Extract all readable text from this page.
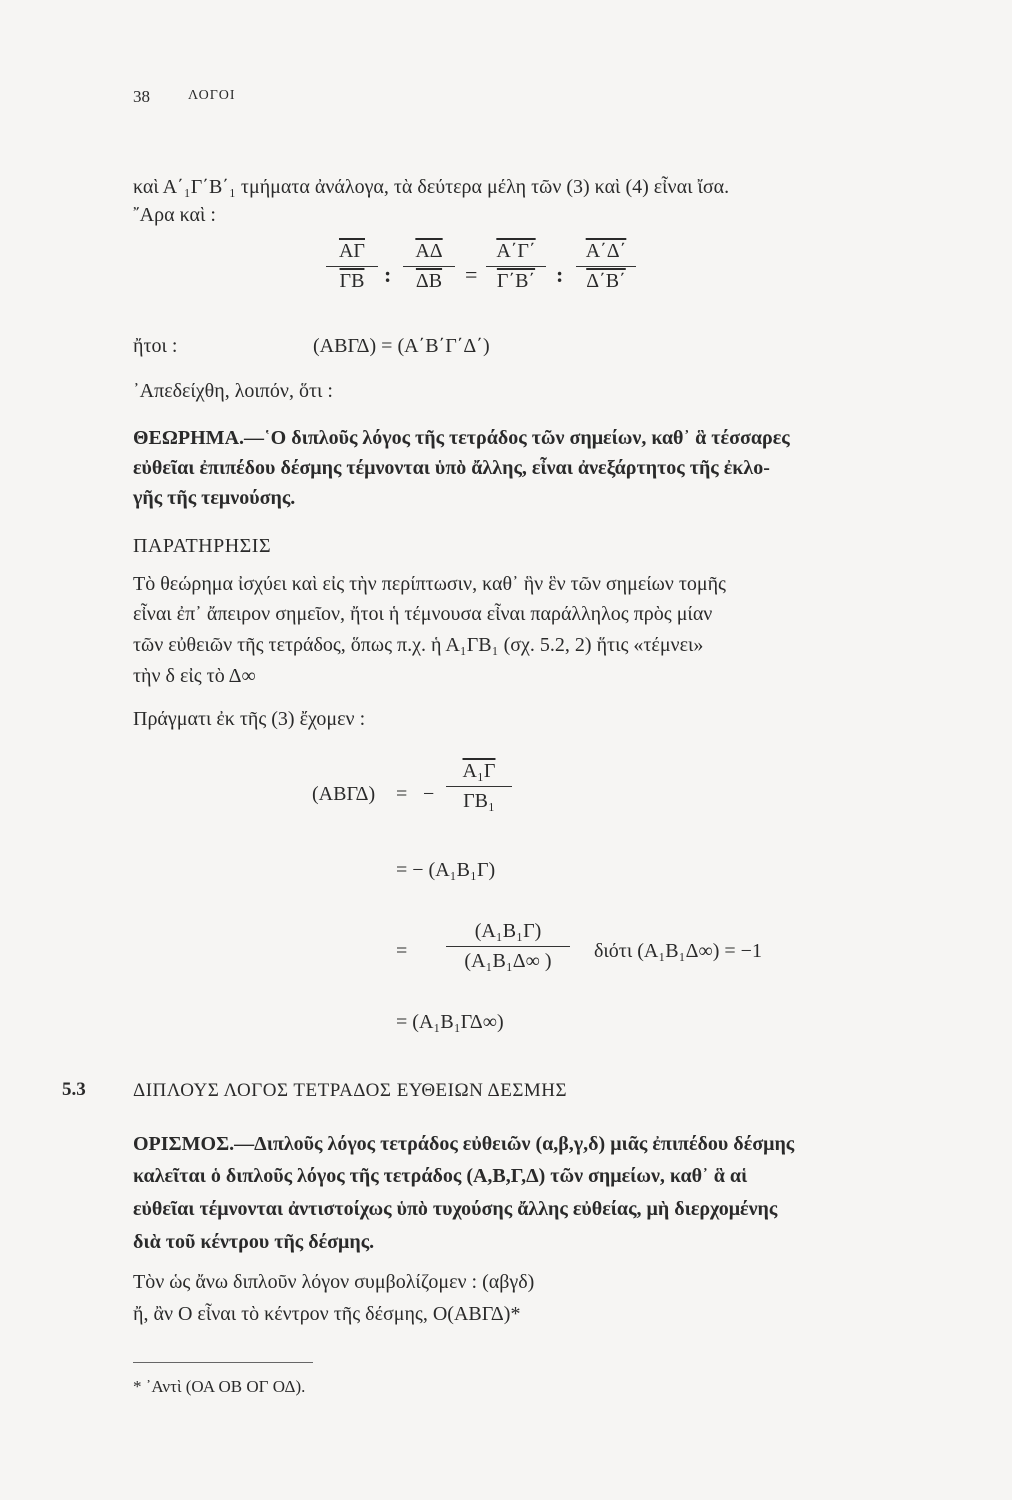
38	ΛΟΓΟΙ
καὶ Α΄₁Γ΄Β΄₁ τμήματα ἀνάλογα, τὰ δεύτερα μέλη τῶν (3) καὶ (4) εἶναι ἴσα.
῎Αρα καὶ :
$\frac{\overline{A\Gamma}}{\Gamma B}$ : $\frac{\overline{A\Delta}}{\Delta B} = \frac{A΄\Gamma΄}{\Gamma΄B΄}$ : $\frac{A΄\Delta΄}{\Delta΄B΄}$
ἤτοι :	(ΑΒΓΔ) = (Α΄Β΄Γ΄Δ΄)
᾿Απεδείχθη, λοιπόν, ὅτι :
ΘΕΩΡΗΜΑ.—῾Ο διπλοῦς λόγος τῆς τετράδος τῶν σημείων, καθ᾿ ἃ τέσσαρες
εὐθεῖαι ἐπιπέδου δέσμης τέμνονται ὑπὸ ἄλλης, εἶναι ἀνεξάρτητος τῆς ἐκλο-
γῆς τῆς τεμνούσης.
ΠΑΡΑΤΗΡΗΣΙΣ
Τὸ θεώρημα ἰσχύει καὶ εἰς τὴν περίπτωσιν, καθ᾿ ἣν ἓν τῶν σημείων τομῆς
εἶναι ἐπ᾿ ἄπειρον σημεῖον, ἤτοι ἡ τέμνουσα εἶναι παράλληλος πρὸς μίαν
τῶν εὐθειῶν τῆς τετράδος, ὅπως π.χ. ἡ Α₁ΓΒ₁ (σχ. 5.2, 2) ἥτις «τέμνει»
τὴν δ εἰς τὸ Δ∞
Πράγματι ἐκ τῆς (3) ἔχομεν :
(ΑΒΓΔ) = −
Α₁Γ
ΓΒ₁
= − (Α₁Β₁Γ)
=
(Α₁Β₁Γ)
(Α₁Β₁Δ∞ )	διότι (Α₁Β₁Δ∞) = −1
= (Α₁Β₁ΓΔ∞)
5.3 ΔΙΠΛΟΥΣ ΛΟΓΟΣ ΤΕΤΡΑΔΟΣ ΕΥΘΕΙΩΝ ΔΕΣΜΗΣ
ΟΡΙΣΜΟΣ.—Διπλοῦς λόγος τετράδος εὐθειῶν (α,β,γ,δ) μιᾶς ἐπιπέδου δέσμης
καλεῖται ὁ διπλοῦς λόγος τῆς τετράδος (Α,Β,Γ,Δ) τῶν σημείων, καθ᾿ ἃ αἱ
εὐθεῖαι τέμνονται ἀντιστοίχως ὑπὸ τυχούσης ἄλλης εὐθείας, μὴ διερχομένης
διὰ τοῦ κέντρου τῆς δέσμης.
Τὸν ὡς ἄνω διπλοῦν λόγον συμβολίζομεν : (αβγδ)
ἤ, ἂν Ο εἶναι τὸ κέντρον τῆς δέσμης, Ο(ΑΒΓΔ)*
* ᾿Αντὶ (ΟΑ ΟΒ ΟΓ ΟΔ).
